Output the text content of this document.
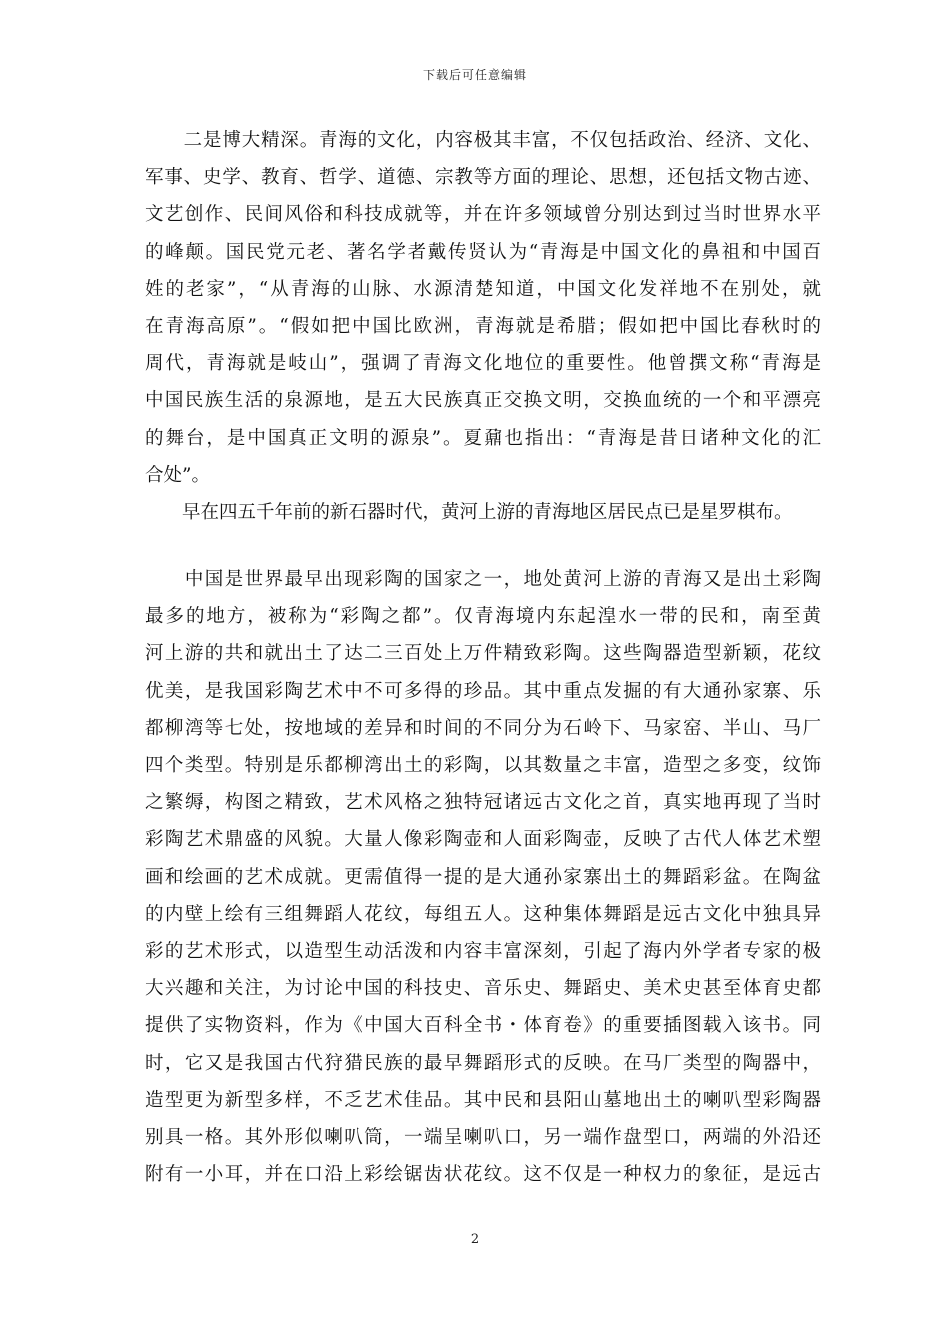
下载后可任意编辑
　　二是博大精深。青海的文化，内容极其丰富，不仅包括政治、经济、文化、
军事、史学、教育、哲学、道德、宗教等方面的理论、思想，还包括文物古迹、
文艺创作、民间风俗和科技成就等，并在许多领域曾分别达到过当时世界水平
的峰颠。国民党元老、著名学者戴传贤认为“青海是中国文化的鼻祖和中国百
姓的老家”，“从青海的山脉、水源清楚知道，中国文化发祥地不在别处，就
在青海高原”。“假如把中国比欧洲，青海就是希腊；假如把中国比春秋时的
周代，青海就是岐山”，强调了青海文化地位的重要性。他曾撰文称“青海是
中国民族生活的泉源地，是五大民族真正交换文明，交换血统的一个和平漂亮
的舞台，是中国真正文明的源泉”。夏鼐也指出：“青海是昔日诸种文化的汇
合处”。
　　早在四五千年前的新石器时代，黄河上游的青海地区居民点已是星罗棋布。
　　中国是世界最早出现彩陶的国家之一，地处黄河上游的青海又是出土彩陶
最多的地方，被称为“彩陶之都”。仅青海境内东起湟水一带的民和，南至黄
河上游的共和就出土了达二三百处上万件精致彩陶。这些陶器造型新颖，花纹
优美，是我国彩陶艺术中不可多得的珍品。其中重点发掘的有大通孙家寨、乐
都柳湾等七处，按地域的差异和时间的不同分为石岭下、马家窑、半山、马厂
四个类型。特别是乐都柳湾出土的彩陶，以其数量之丰富，造型之多变，纹饰
之繁缛，构图之精致，艺术风格之独特冠诸远古文化之首，真实地再现了当时
彩陶艺术鼎盛的风貌。大量人像彩陶壶和人面彩陶壶，反映了古代人体艺术塑
画和绘画的艺术成就。更需值得一提的是大通孙家寨出土的舞蹈彩盆。在陶盆
的内壁上绘有三组舞蹈人花纹，每组五人。这种集体舞蹈是远古文化中独具异
彩的艺术形式，以造型生动活泼和内容丰富深刻，引起了海内外学者专家的极
大兴趣和关注，为讨论中国的科技史、音乐史、舞蹈史、美术史甚至体育史都
提供了实物资料，作为《中国大百科全书・体育卷》的重要插图载入该书。同
时，它又是我国古代狩猎民族的最早舞蹈形式的反映。在马厂类型的陶器中，
造型更为新型多样，不乏艺术佳品。其中民和县阳山墓地出土的喇叭型彩陶器
别具一格。其外形似喇叭筒，一端呈喇叭口，另一端作盘型口，两端的外沿还
附有一小耳，并在口沿上彩绘锯齿状花纹。这不仅是一种权力的象征，是远古
2
